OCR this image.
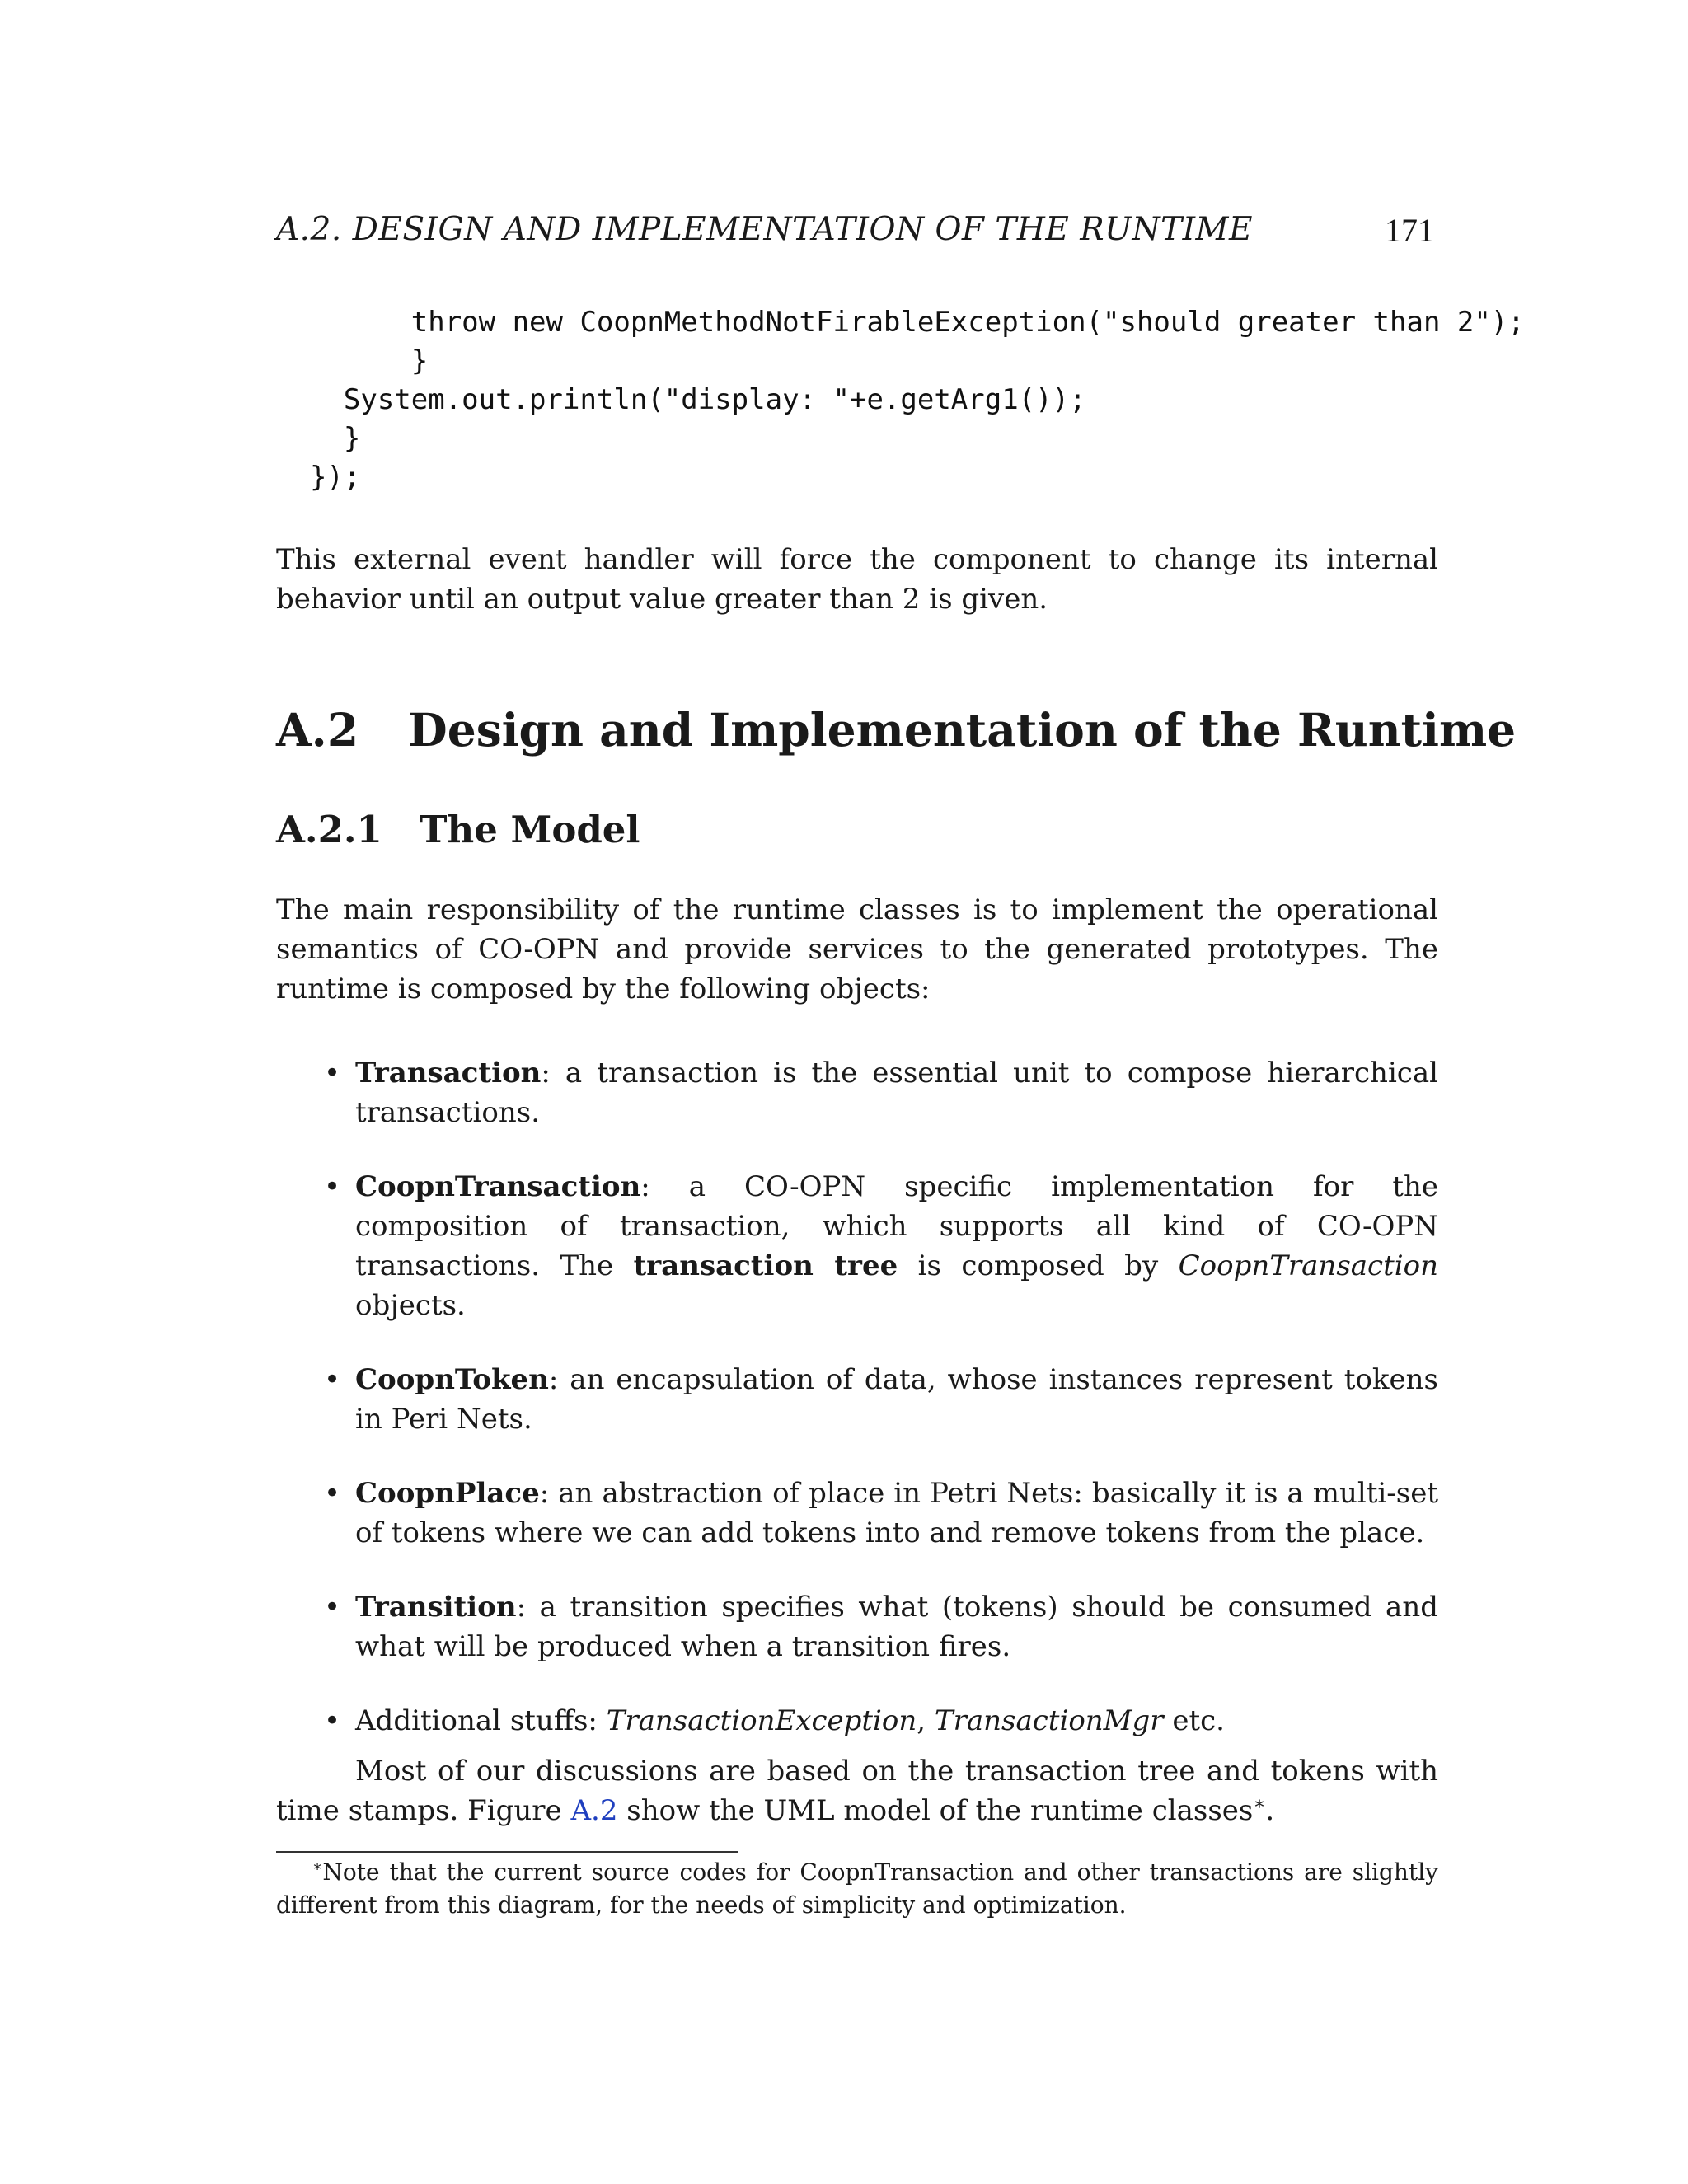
A.2. DESIGN AND IMPLEMENTATION OF THE RUNTIME	171
throw new CoopnMethodNotFirableException("should greater than 2");
}
System.out.println("display: "+e.getArg1());
}
});

This external event handler will force the component to change its internal behavior until an output value greater than 2 is given.

A.2 Design and Implementation of the Runtime
A.2.1 The Model

The main responsibility of the runtime classes is to implement the operational semantics of CO-OPN and provide services to the generated prototypes. The runtime is composed by the following objects:

• Transaction: a transaction is the essential unit to compose hierarchical transactions.
• CoopnTransaction: a CO-OPN specific implementation for the composition of transaction, which supports all kind of CO-OPN transactions. The transaction tree is composed by CoopnTransaction objects.
• CoopnToken: an encapsulation of data, whose instances represent tokens in Peri Nets.
• CoopnPlace: an abstraction of place in Petri Nets: basically it is a multi-set of tokens where we can add tokens into and remove tokens from the place.
• Transition: a transition specifies what (tokens) should be consumed and what will be produced when a transition fires.
• Additional stuffs: TransactionException, TransactionMgr etc.

Most of our discussions are based on the transaction tree and tokens with time stamps. Figure A.2 show the UML model of the runtime classes∗.

∗Note that the current source codes for CoopnTransaction and other transactions are slightly different from this diagram, for the needs of simplicity and optimization.
